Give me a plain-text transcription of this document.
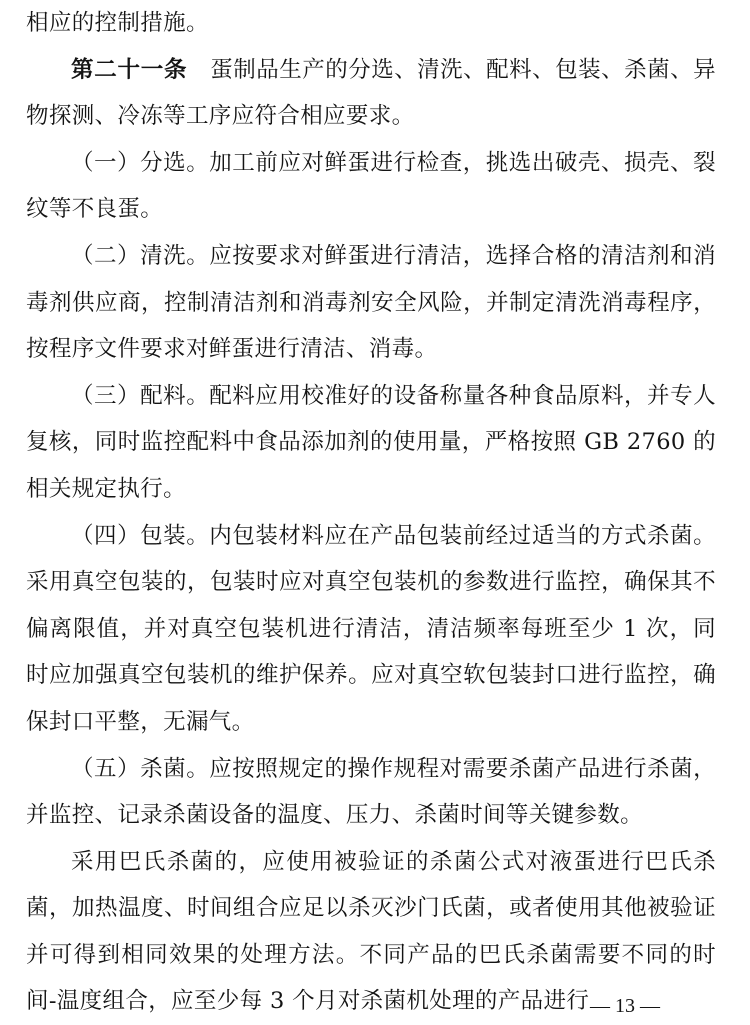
相应的控制措施。

第二十一条　蛋制品生产的分选、清洗、配料、包装、杀菌、异物探测、冷冻等工序应符合相应要求。

（一）分选。加工前应对鲜蛋进行检查，挑选出破壳、损壳、裂纹等不良蛋。

（二）清洗。应按要求对鲜蛋进行清洁，选择合格的清洁剂和消毒剂供应商，控制清洁剂和消毒剂安全风险，并制定清洗消毒程序，按程序文件要求对鲜蛋进行清洁、消毒。

（三）配料。配料应用校准好的设备称量各种食品原料，并专人复核，同时监控配料中食品添加剂的使用量，严格按照 GB 2760 的相关规定执行。

（四）包装。内包装材料应在产品包装前经过适当的方式杀菌。采用真空包装的，包装时应对真空包装机的参数进行监控，确保其不偏离限值，并对真空包装机进行清洁，清洁频率每班至少 1 次，同时应加强真空包装机的维护保养。应对真空软包装封口进行监控，确保封口平整，无漏气。

（五）杀菌。应按照规定的操作规程对需要杀菌产品进行杀菌，并监控、记录杀菌设备的温度、压力、杀菌时间等关键参数。

采用巴氏杀菌的，应使用被验证的杀菌公式对液蛋进行巴氏杀菌，加热温度、时间组合应足以杀灭沙门氏菌，或者使用其他被验证并可得到相同效果的处理方法。不同产品的巴氏杀菌需要不同的时间-温度组合，应至少每 3 个月对杀菌机处理的产品进行 — 13 —
